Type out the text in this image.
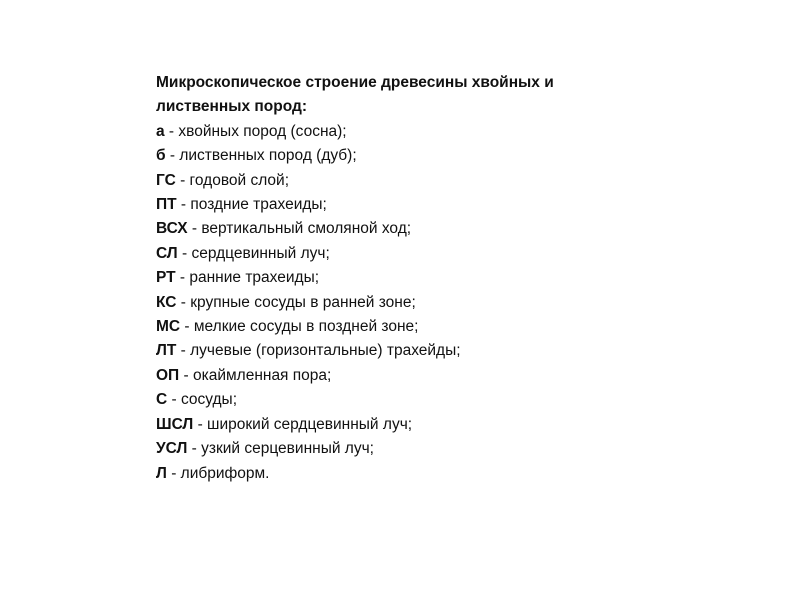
Микроскопическое строение древесины хвойных и
лиственных пород:
а - хвойных пород (сосна);
б - лиственных пород (дуб);
ГС - годовой слой;
ПТ - поздние трахеиды;
ВСХ - вертикальный смоляной ход;
СЛ - сердцевинный луч;
РТ - ранние трахеиды;
КС - крупные сосуды в ранней зоне;
МС - мелкие сосуды в поздней зоне;
ЛТ - лучевые (горизонтальные) трахейды;
ОП - окаймленная пора;
С - сосуды;
ШСЛ - широкий сердцевинный луч;
УСЛ - узкий серцевинный луч;
Л - либриформ.
